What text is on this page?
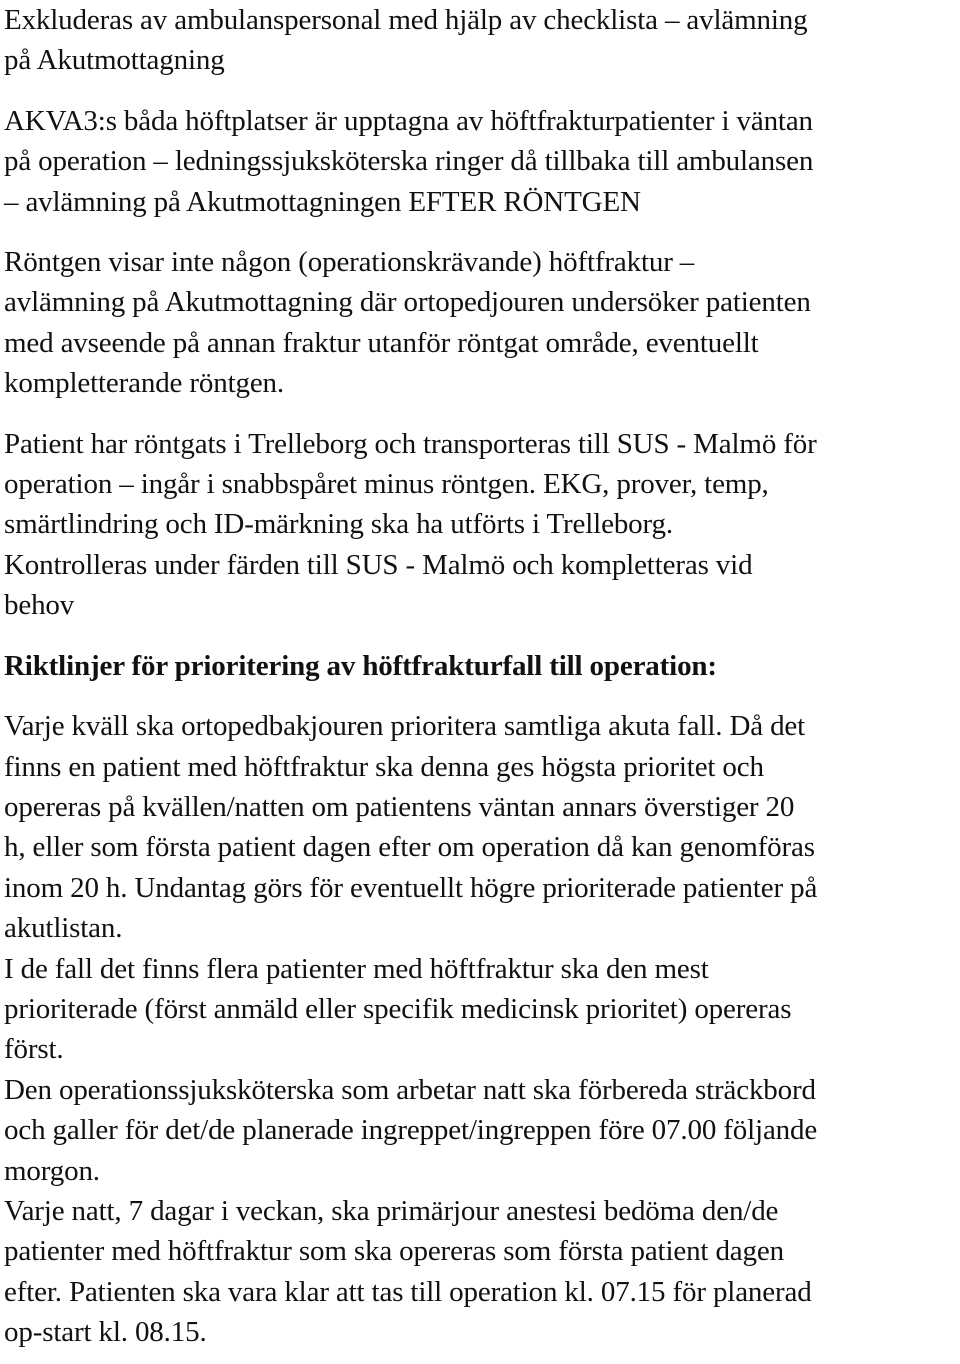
Exkluderas av ambulanspersonal med hjälp av checklista – avlämning
på Akutmottagning

AKVA3:s båda höftplatser är upptagna av höftfrakturpatienter i väntan
på operation – ledningssjuksköterska ringer då tillbaka till ambulansen
– avlämning på Akutmottagningen EFTER RÖNTGEN

Röntgen visar inte någon (operationskrävande) höftfraktur –
avlämning på Akutmottagning där ortopedjouren undersöker patienten
med avseende på annan fraktur utanför röntgat område, eventuellt
kompletterande röntgen.

Patient har röntgats i Trelleborg och transporteras till SUS - Malmö för
operation – ingår i snabbspåret minus röntgen. EKG, prover, temp,
smärtlindring och ID-märkning ska ha utförts i Trelleborg.

Kontrolleras under färden till SUS - Malmö och kompletteras vid
behov

Riktlinjer för prioritering av höftfrakturfall till operation:

Varje kväll ska ortopedbakjouren prioritera samtliga akuta fall. Då det
finns en patient med höftfraktur ska denna ges högsta prioritet och
opereras på kvällen/natten om patientens väntan annars överstiger 20
h, eller som första patient dagen efter om operation då kan genomföras
inom 20 h. Undantag görs för eventuellt högre prioriterade patienter på
akutlistan.

I de fall det finns flera patienter med höftfraktur ska den mest
prioriterade (först anmäld eller specifik medicinsk prioritet) opereras
först.

Den operationssjuksköterska som arbetar natt ska förbereda sträckbord
och galler för det/de planerade ingreppet/ingreppen före 07.00 följande
morgon.

Varje natt, 7 dagar i veckan, ska primärjour anestesi bedöma den/de
patienter med höftfraktur som ska opereras som första patient dagen
efter. Patienten ska vara klar att tas till operation kl. 07.15 för planerad
op-start kl. 08.15.
